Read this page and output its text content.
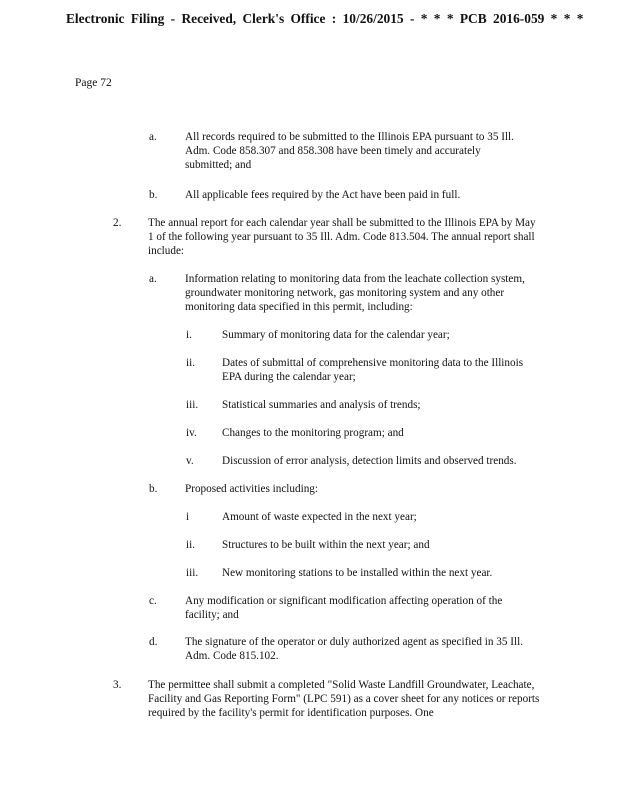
Electronic Filing - Received, Clerk's Office : 10/26/2015 - * * * PCB 2016-059 * * *
Page 72
a.	All records required to be submitted to the Illinois EPA pursuant to 35 Ill. Adm. Code 858.307 and 858.308 have been timely and accurately submitted; and
b. All applicable fees required by the Act have been paid in full.
2. The annual report for each calendar year shall be submitted to the Illinois EPA by May 1 of the following year pursuant to 35 Ill. Adm. Code 813.504. The annual report shall include:
a.	Information relating to monitoring data from the leachate collection system, groundwater monitoring network, gas monitoring system and any other monitoring data specified in this permit, including:
i.	Summary of monitoring data for the calendar year;
ii. Dates of submittal of comprehensive monitoring data to the Illinois EPA during the calendar year;
iii. Statistical summaries and analysis of trends;
iv. Changes to the monitoring program; and
v.	Discussion of error analysis, detection limits and observed trends.
b. Proposed activities including:
i	Amount of waste expected in the next year;
ii. Structures to be built within the next year; and
iii. New monitoring stations to be installed within the next year.
c.	Any modification or significant modification affecting operation of the facility; and
d. The signature of the operator or duly authorized agent as specified in 35 Ill. Adm. Code 815.102.
3. The permittee shall submit a completed "Solid Waste Landfill Groundwater, Leachate, Facility and Gas Reporting Form" (LPC 591) as a cover sheet for any notices or reports required by the facility's permit for identification purposes. One
